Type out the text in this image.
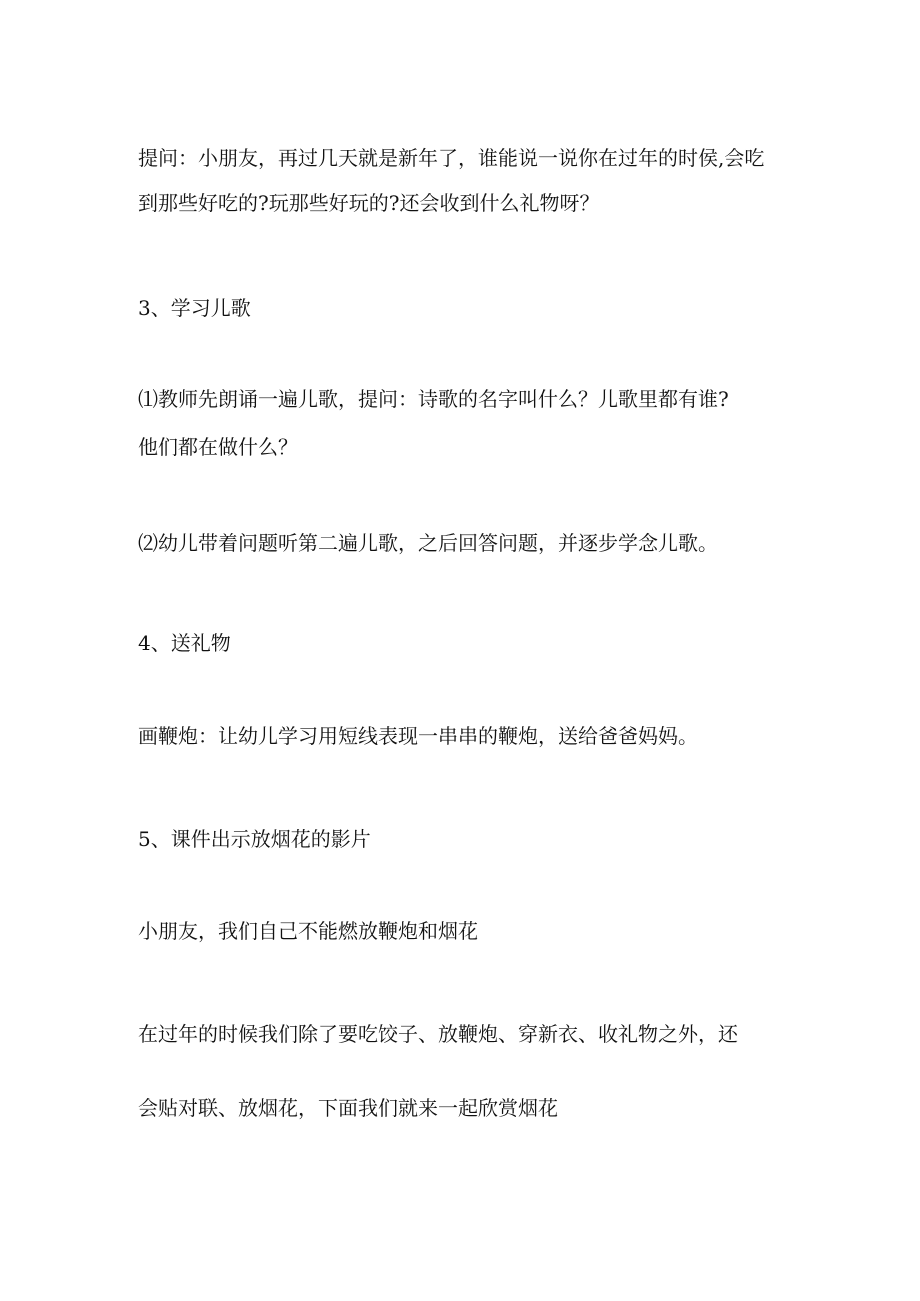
提问：小朋友，再过几天就是新年了，谁能说一说你在过年的时侯,会吃
到那些好吃的?玩那些好玩的?还会收到什么礼物呀？
3、学习儿歌
⑴教师先朗诵一遍儿歌，提问：诗歌的名字叫什么？儿歌里都有谁?
他们都在做什么？
⑵幼儿带着问题听第二遍儿歌，之后回答问题，并逐步学念儿歌。
4、送礼物
画鞭炮：让幼儿学习用短线表现一串串的鞭炮，送给爸爸妈妈。
5、课件出示放烟花的影片
小朋友，我们自己不能燃放鞭炮和烟花
在过年的时候我们除了要吃饺子、放鞭炮、穿新衣、收礼物之外，还
会贴对联、放烟花，下面我们就来一起欣赏烟花
